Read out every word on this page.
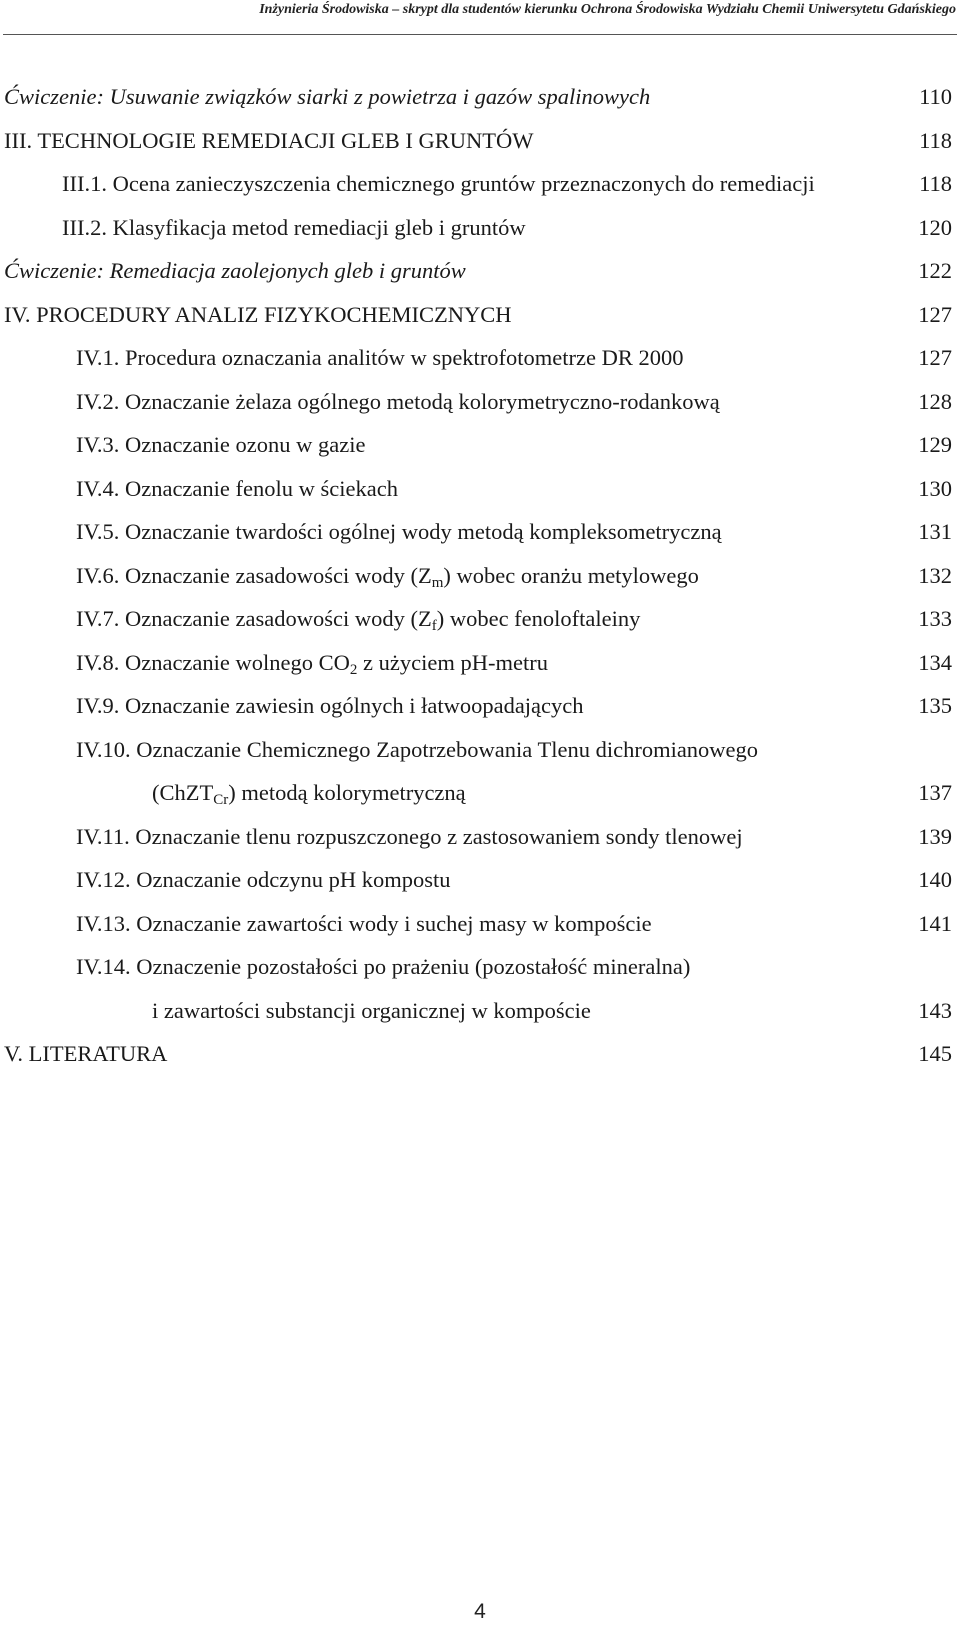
Inżynieria Środowiska – skrypt dla studentów kierunku Ochrona Środowiska Wydziału Chemii Uniwersytetu Gdańskiego
Ćwiczenie: Usuwanie związków siarki z powietrza i gazów spalinowych	110
III. TECHNOLOGIE REMEDIACJI GLEB I GRUNTÓW	118
III.1. Ocena zanieczyszczenia chemicznego gruntów przeznaczonych do remediacji	118
III.2. Klasyfikacja metod remediacji gleb i gruntów	120
Ćwiczenie: Remediacja zaolejonych gleb i gruntów	122
IV. PROCEDURY ANALIZ FIZYKOCHEMICZNYCH	127
IV.1. Procedura oznaczania analitów w spektrofotometrze DR 2000	127
IV.2. Oznaczanie żelaza ogólnego metodą kolorymetryczno-rodankową	128
IV.3. Oznaczanie ozonu w gazie	129
IV.4. Oznaczanie fenolu w ściekach	130
IV.5. Oznaczanie twardości ogólnej wody metodą kompleksometryczną	131
IV.6. Oznaczanie zasadowości wody $(Z_m)$ wobec oranżu metylowego	132
IV.7. Oznaczanie zasadowości wody $(Z_f)$ wobec fenoloftaleiny	133
IV.8. Oznaczanie wolnego $CO_2$ z użyciem pH-metru	134
IV.9. Oznaczanie zawiesin ogólnych i łatwoopadających	135
IV.10. Oznaczanie Chemicznego Zapotrzebowania Tlenu dichromianowego
(ChZT$_{Cr}$) metodą kolorymetryczną	137
IV.11. Oznaczanie tlenu rozpuszczonego z zastosowaniem sondy tlenowej	139
IV.12. Oznaczanie odczynu pH kompostu	140
IV.13. Oznaczanie zawartości wody i suchej masy w kompoście	141
IV.14. Oznaczenie pozostałości po prażeniu (pozostałość mineralna)
i zawartości substancji organicznej w kompoście	143
V. LITERATURA	145
4
